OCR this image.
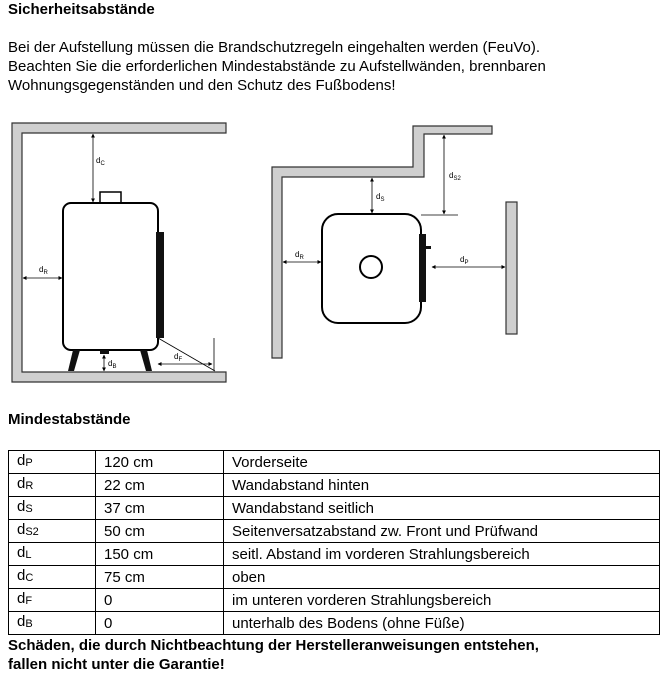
Sicherheitsabstände

Bei der Aufstellung müssen die Brandschutzregeln eingehalten werden (FeuVo).
Beachten Sie die erforderlichen Mindestabstände zu Aufstellwänden, brennbaren
Wohnungsgegenständen und den Schutz des Fußbodens!

$d_C$
$d_R$
$d_B$
$d_F$
$d_S$
$d_{S2}$
$d_R$	$d_P$
Mindestabstände
$d_P$	120 cm	Vorderseite
$d_R$	22 cm	Wandabstand hinten
$d_S$	37 cm	Wandabstand seitlich
$d_{S2}$	50 cm	Seitenversatzabstand zw. Front und Prüfwand
$d_L$	150 cm	seitl. Abstand im vorderen Strahlungsbereich
$d_C$	75 cm	oben
$d_F$	0	im unteren vorderen Strahlungsbereich
$d_B$	0	unterhalb des Bodens (ohne Füße)

Schäden, die durch Nichtbeachtung der Herstelleranweisungen entstehen,
fallen nicht unter die Garantie!
